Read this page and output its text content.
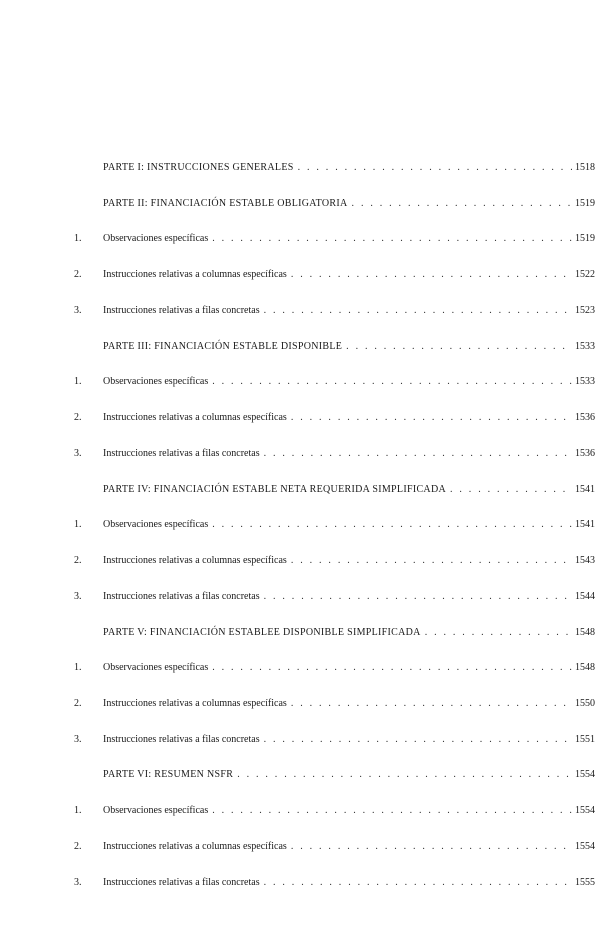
PARTE I: INSTRUCCIONES GENERALES . . .	1518
PARTE II: FINANCIACIÓN ESTABLE OBLIGATORIA . . .	1519
1.	Observaciones específicas . . .	1519
2.	Instrucciones relativas a columnas específicas . . .	1522
3.	Instrucciones relativas a filas concretas . . .	1523
PARTE III: FINANCIACIÓN ESTABLE DISPONIBLE . . .	1533
1.	Observaciones específicas . . .	1533
2.	Instrucciones relativas a columnas específicas . . .	1536
3.	Instrucciones relativas a filas concretas . . .	1536
PARTE IV: FINANCIACIÓN ESTABLE NETA REQUERIDA SIMPLIFICADA . . .	1541
1.	Observaciones específicas . . .	1541
2.	Instrucciones relativas a columnas específicas . . .	1543
3.	Instrucciones relativas a filas concretas . . .	1544
PARTE V: FINANCIACIÓN ESTABLEE DISPONIBLE SIMPLIFICADA . . .	1548
1.	Observaciones específicas . . .	1548
2.	Instrucciones relativas a columnas específicas . . .	1550
3.	Instrucciones relativas a filas concretas . . .	1551
PARTE VI: RESUMEN NSFR . . .	1554
1.	Observaciones específicas . . .	1554
2.	Instrucciones relativas a columnas específicas . . .	1554
3.	Instrucciones relativas a filas concretas . . .	1555
